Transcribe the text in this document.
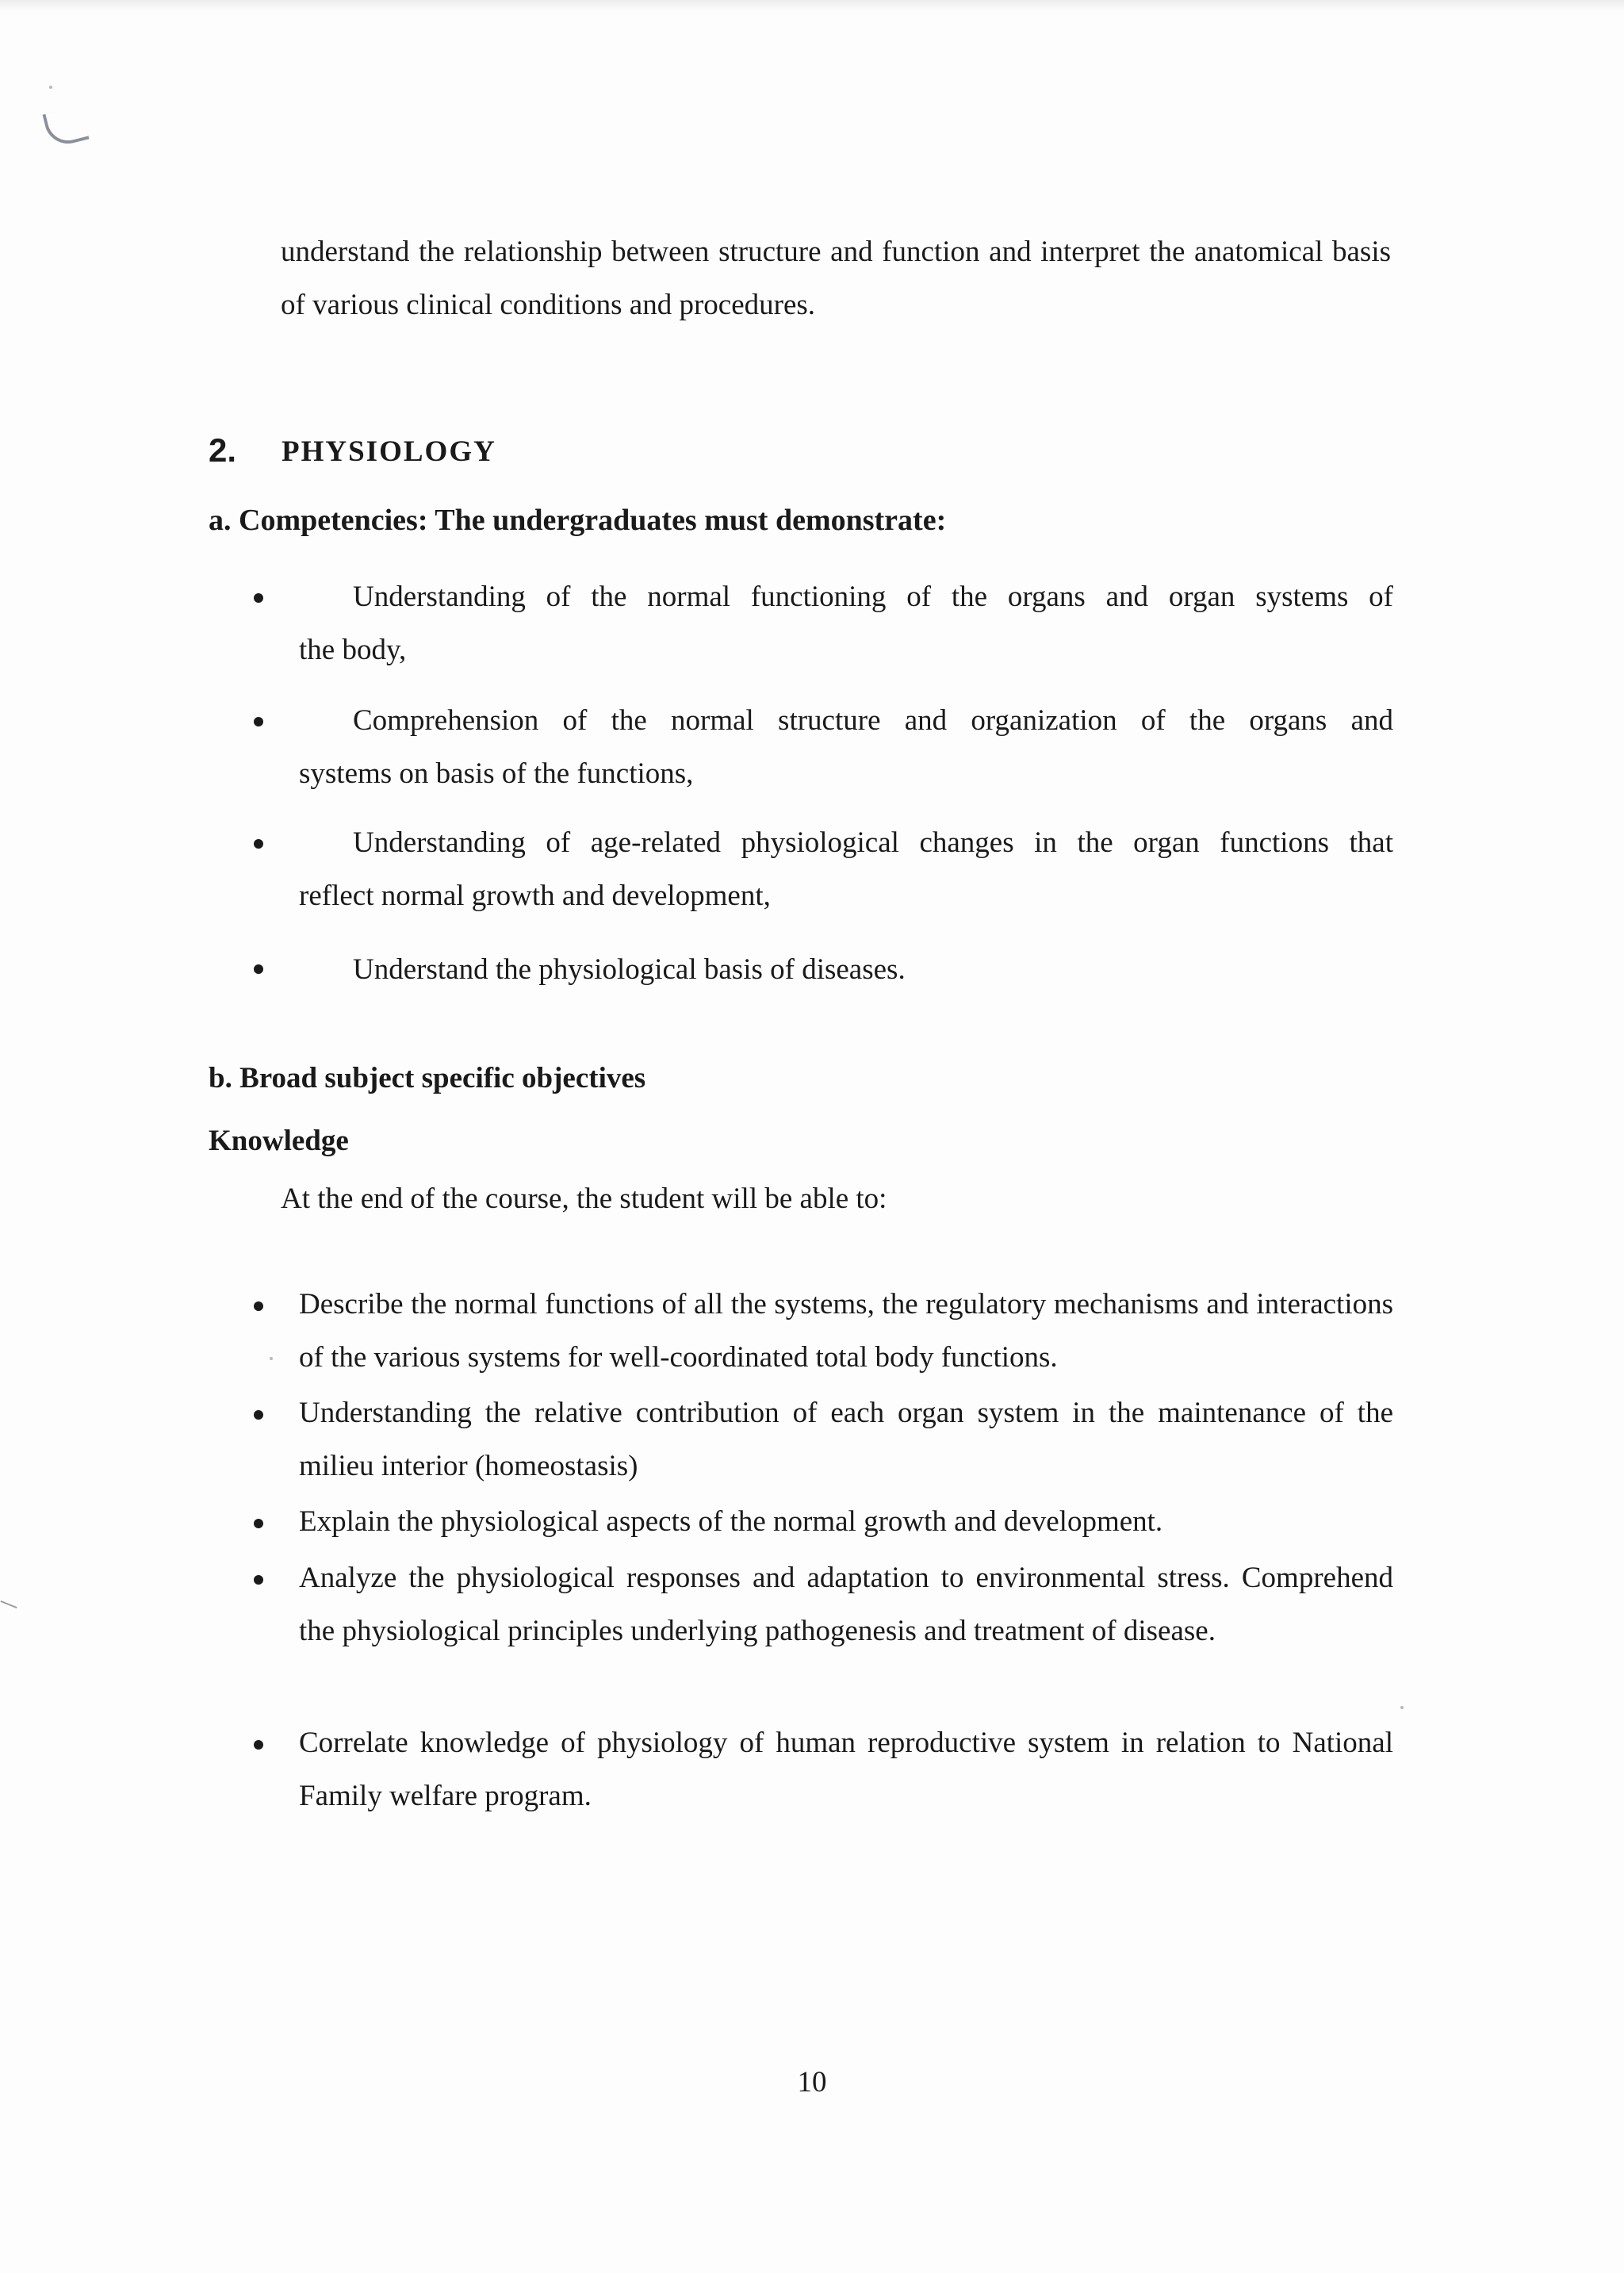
understand the relationship between structure and function and interpret the anatomical basis of various clinical conditions and procedures.

2. PHYSIOLOGY

a. Competencies: The undergraduates must demonstrate:

Understanding of the normal functioning of the organs and organ systems of
the body,

Comprehension of the normal structure and organization of the organs and
systems on basis of the functions,

Understanding of age-related physiological changes in the organ functions that
reflect normal growth and development,

Understand the physiological basis of diseases.

b. Broad subject specific objectives

Knowledge

At the end of the course, the student will be able to:

Describe the normal functions of all the systems, the regulatory mechanisms and interactions of the various systems for well-coordinated total body functions.

Understanding the relative contribution of each organ system in the maintenance of the milieu interior (homeostasis)

Explain the physiological aspects of the normal growth and development.

Analyze the physiological responses and adaptation to environmental stress. Comprehend the physiological principles underlying pathogenesis and treatment of disease.

Correlate knowledge of physiology of human reproductive system in relation to National Family welfare program.

10
